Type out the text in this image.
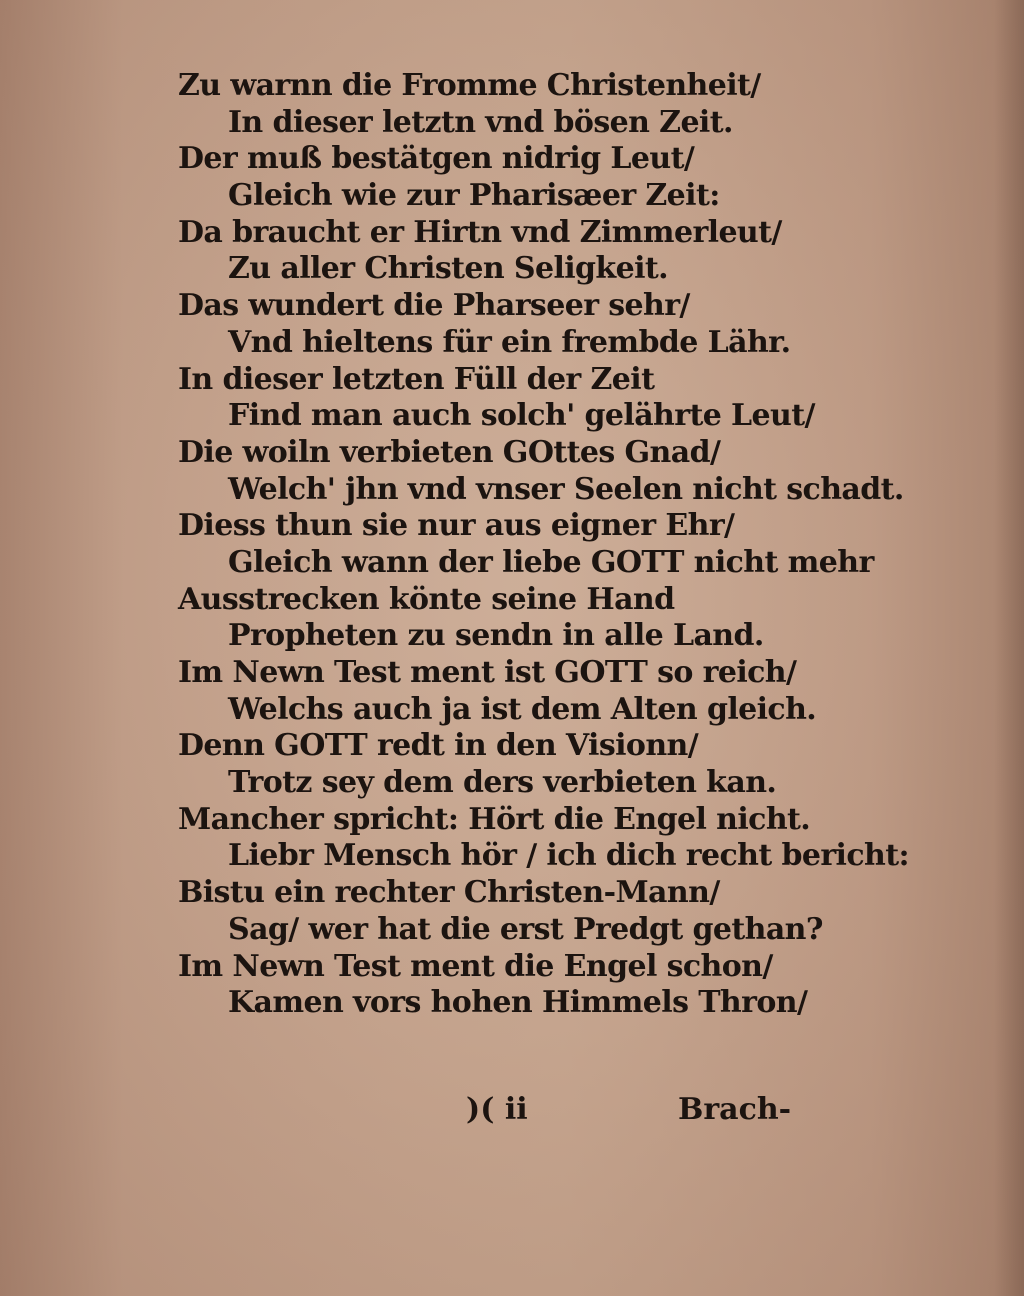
Zu warnn die Fromme Christenheit/
In dieser letztn vnd bösen Zeit.
Der muß bestätgen nidrig Leut/
Gleich wie zur Pharisæer Zeit:
Da braucht er Hirtn vnd Zimmerleut/
Zu aller Christen Seligkeit.
Das wundert die Pharseer sehr/
Vnd hieltens für ein frembde Lähr.
In dieser letzten Füll der Zeit
Find man auch solch' gelährte Leut/
Die woiln verbieten GOttes Gnad/
Welch' jhn vnd vnser Seelen nicht schadt.
Diess thun sie nur aus eigner Ehr/
Gleich wann der liebe GOTT nicht mehr
Ausstrecken könte seine Hand
Propheten zu sendn in alle Land.
Im Newn Test ment ist GOTT so reich/
Welchs auch ja ist dem Alten gleich.
Denn GOTT redt in den Visionn/
Trotz sey dem ders verbieten kan.
Mancher spricht: Hört die Engel nicht.
Liebr Mensch hör / ich dich recht bericht:
Bistu ein rechter Christen-Mann/
Sag/ wer hat die erst Predgt gethan?
Im Newn Test ment die Engel schon/
Kamen vors hohen Himmels Thron/
)( ii	Brach-
